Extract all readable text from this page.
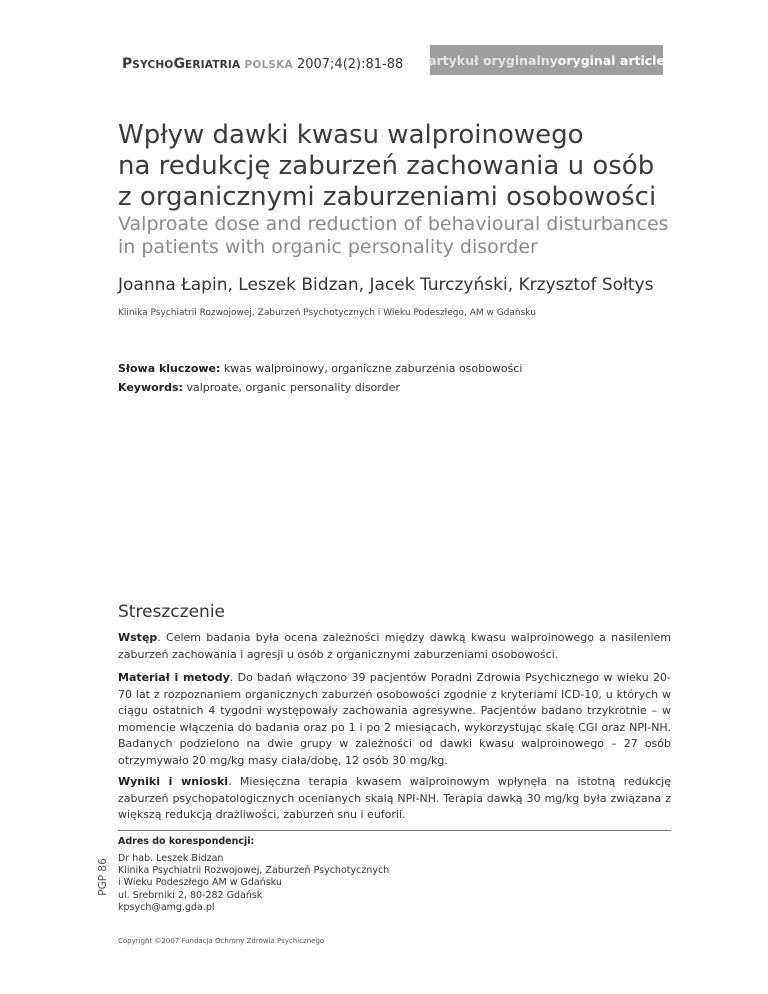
PSYCHOGERIATRIA POLSKA 2007;4(2):81-88 artykuł oryginalny oryginal article
Wpływ dawki kwasu walproinowego
na redukcję zaburzeń zachowania u osób
z organicznymi zaburzeniami osobowości
Valproate dose and reduction of behavioural disturbances
in patients with organic personality disorder
Joanna Łapin, Leszek Bidzan, Jacek Turczyński, Krzysztof Sołtys
Klinika Psychiatrii Rozwojowej, Zaburzeń Psychotycznych i Wieku Podeszłego, AM w Gdańsku
Słowa kluczowe: kwas walproinowy, organiczne zaburzenia osobowości
Keywords: valproate, organic personality disorder
Streszczenie
Wstęp. Celem badania była ocena zależności między dawką kwasu walproinowego a nasileniem zaburzeń zachowania i agresji u osób z organicznymi zaburzeniami osobowości.
Materiał i metody. Do badań włączono 39 pacjentów Poradni Zdrowia Psychicznego w wieku 20-70 lat z rozpoznaniem organicznych zaburzeń osobowości zgodnie z kryteriami ICD-10, u których w ciągu ostatnich 4 tygodni występowały zachowania agresywne. Pacjentów badano trzykrotnie – w momencie włączenia do badania oraz po 1 i po 2 miesiącach, wykorzystując skalę CGI oraz NPI-NH. Badanych podzielono na dwie grupy w zależności od dawki kwasu walproinowego – 27 osób otrzymywało 20 mg/kg masy ciała/dobę, 12 osób 30 mg/kg.
Wyniki i wnioski. Miesięczna terapia kwasem walproinowym wpłynęła na istotną redukcję zaburzeń psychopatologicznych ocenianych skalą NPI-NH. Terapia dawką 30 mg/kg była związana z większą redukcją drażliwości, zaburzeń snu i euforii.
Adres do korespondencji:
Dr hab. Leszek Bidzan
Klinika Psychiatrii Rozwojowej, Zaburzeń Psychotycznych
i Wieku Podeszłego AM w Gdańsku
ul. Srebrniki 2, 80-282 Gdańsk
kpsych@amg.gda.pl
PGP 86
Copyright ©2007 Fundacja Ochrony Zdrowia Psychicznego
